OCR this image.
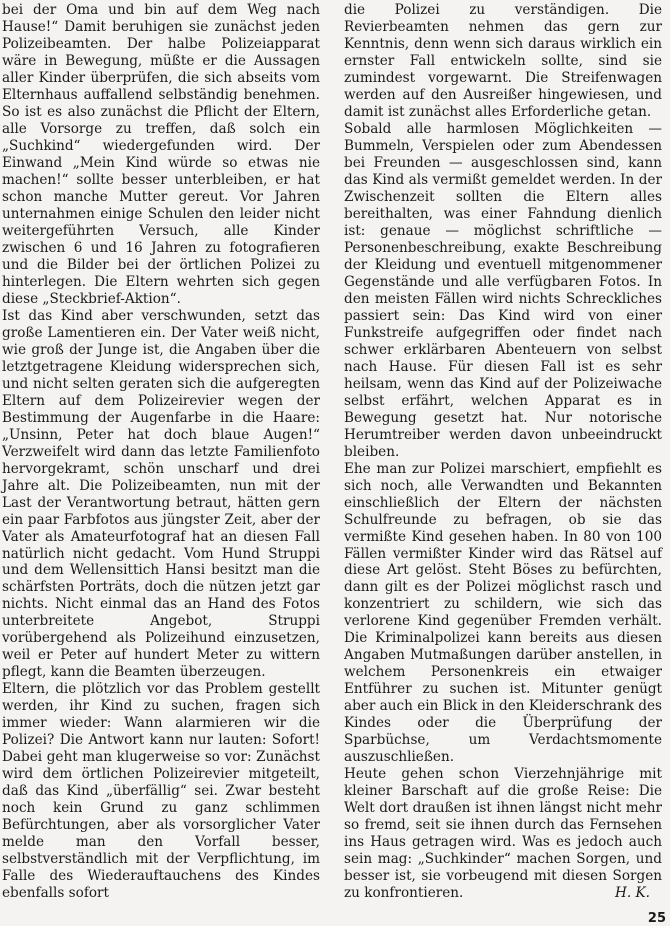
bei der Oma und bin auf dem Weg nach Hause!“ Damit beruhigen sie zunächst jeden Polizeibeamten. Der halbe Polizeiapparat wäre in Bewegung, müßte er die Aussagen aller Kinder überprüfen, die sich abseits vom Elternhaus auffallend selbständig benehmen. So ist es also zunächst die Pflicht der Eltern, alle Vorsorge zu treffen, daß solch ein „Suchkind“ wiedergefunden wird. Der Einwand „Mein Kind würde so etwas nie machen!“ sollte besser unterbleiben, er hat schon manche Mutter gereut. Vor Jahren unternahmen einige Schulen den leider nicht weitergeführten Versuch, alle Kinder zwischen 6 und 16 Jahren zu fotografieren und die Bilder bei der örtlichen Polizei zu hinterlegen. Die Eltern wehrten sich gegen diese „Steckbrief-Aktion“.

Ist das Kind aber verschwunden, setzt das große Lamentieren ein. Der Vater weiß nicht, wie groß der Junge ist, die Angaben über die letztgetragene Kleidung widersprechen sich, und nicht selten geraten sich die aufgeregten Eltern auf dem Polizeirevier wegen der Bestimmung der Augenfarbe in die Haare: „Unsinn, Peter hat doch blaue Augen!“ Verzweifelt wird dann das letzte Familienfoto hervorgekramt, schön unscharf und drei Jahre alt. Die Polizeibeamten, nun mit der Last der Verantwortung betraut, hätten gern ein paar Farbfotos aus jüngster Zeit, aber der Vater als Amateurfotograf hat an diesen Fall natürlich nicht gedacht. Vom Hund Struppi und dem Wellensittich Hansi besitzt man die schärfsten Porträts, doch die nützen jetzt gar nichts. Nicht einmal das an Hand des Fotos unterbreitete Angebot, Struppi vorübergehend als Polizeihund einzusetzen, weil er Peter auf hundert Meter zu wittern pflegt, kann die Beamten überzeugen.

Eltern, die plötzlich vor das Problem gestellt werden, ihr Kind zu suchen, fragen sich immer wieder: Wann alarmieren wir die Polizei? Die Antwort kann nur lauten: Sofort! Dabei geht man klugerweise so vor: Zunächst wird dem örtlichen Polizeirevier mitgeteilt, daß das Kind „überfällig“ sei. Zwar besteht noch kein Grund zu ganz schlimmen Befürchtungen, aber als vorsorglicher Vater melde man den Vorfall besser, selbstverständlich mit der Verpflichtung, im Falle des Wiederauftauchens des Kindes ebenfalls sofort

die Polizei zu verständigen. Die Revierbeamten nehmen das gern zur Kenntnis, denn wenn sich daraus wirklich ein ernster Fall entwickeln sollte, sind sie zumindest vorgewarnt. Die Streifenwagen werden auf den Ausreißer hingewiesen, und damit ist zunächst alles Erforderliche getan.

Sobald alle harmlosen Möglichkeiten — Bummeln, Verspielen oder zum Abendessen bei Freunden — ausgeschlossen sind, kann das Kind als vermißt gemeldet werden. In der Zwischenzeit sollten die Eltern alles bereithalten, was einer Fahndung dienlich ist: genaue — möglichst schriftliche — Personenbeschreibung, exakte Beschreibung der Kleidung und eventuell mitgenommener Gegenstände und alle verfügbaren Fotos. In den meisten Fällen wird nichts Schreckliches passiert sein: Das Kind wird von einer Funkstreife aufgegriffen oder findet nach schwer erklärbaren Abenteuern von selbst nach Hause. Für diesen Fall ist es sehr heilsam, wenn das Kind auf der Polizeiwache selbst erfährt, welchen Apparat es in Bewegung gesetzt hat. Nur notorische Herumtreiber werden davon unbeeindruckt bleiben.

Ehe man zur Polizei marschiert, empfiehlt es sich noch, alle Verwandten und Bekannten einschließlich der Eltern der nächsten Schulfreunde zu befragen, ob sie das vermißte Kind gesehen haben. In 80 von 100 Fällen vermißter Kinder wird das Rätsel auf diese Art gelöst. Steht Böses zu befürchten, dann gilt es der Polizei möglichst rasch und konzentriert zu schildern, wie sich das verlorene Kind gegenüber Fremden verhält. Die Kriminalpolizei kann bereits aus diesen Angaben Mutmaßungen darüber anstellen, in welchem Personenkreis ein etwaiger Entführer zu suchen ist. Mitunter genügt aber auch ein Blick in den Kleiderschrank des Kindes oder die Überprüfung der Sparbüchse, um Verdachtsmomente auszuschließen.

Heute gehen schon Vierzehnjährige mit kleiner Barschaft auf die große Reise: Die Welt dort draußen ist ihnen längst nicht mehr so fremd, seit sie ihnen durch das Fernsehen ins Haus getragen wird. Was es jedoch auch sein mag: „Suchkinder“ machen Sorgen, und besser ist, sie vorbeugend mit diesen Sorgen zu konfrontieren.	H. K.

25
